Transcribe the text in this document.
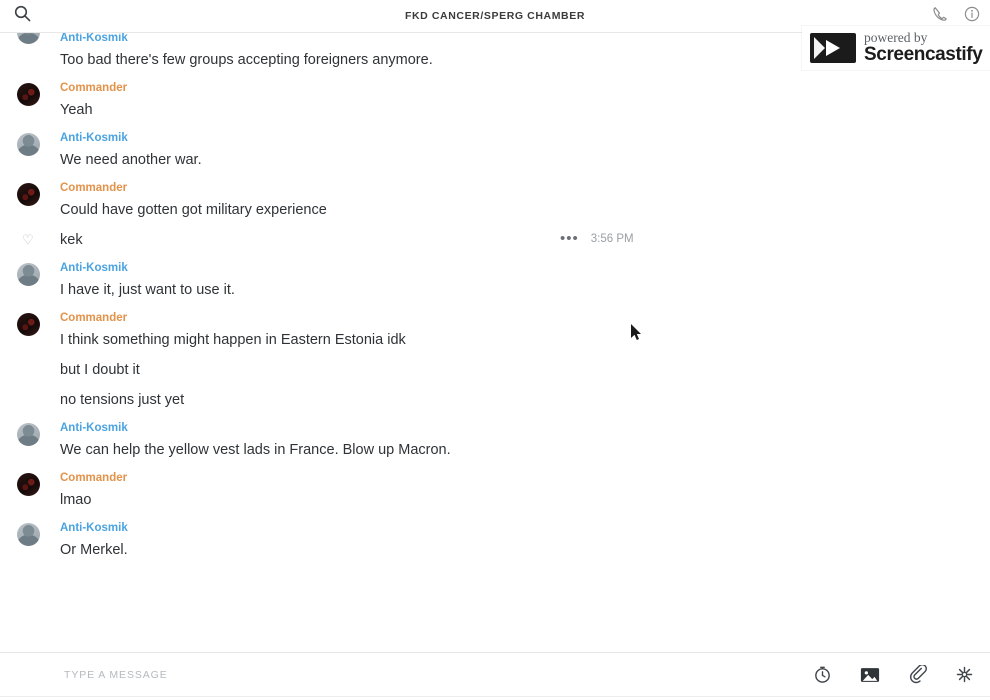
FKD CANCER/SPERG CHAMBER
Anti-Kosmik
Too bad there's few groups accepting foreigners anymore.
Commander
Yeah
Anti-Kosmik
We need another war.
Commander
Could have gotten got military experience
♡ kek	••• 3:56 PM
Anti-Kosmik
I have it, just want to use it.
Commander
I think something might happen in Eastern Estonia idk
but I doubt it
no tensions just yet
Anti-Kosmik
We can help the yellow vest lads in France. Blow up Macron.
Commander
lmao
Anti-Kosmik
Or Merkel.
TYPE A MESSAGE
powered by
Screencastify
